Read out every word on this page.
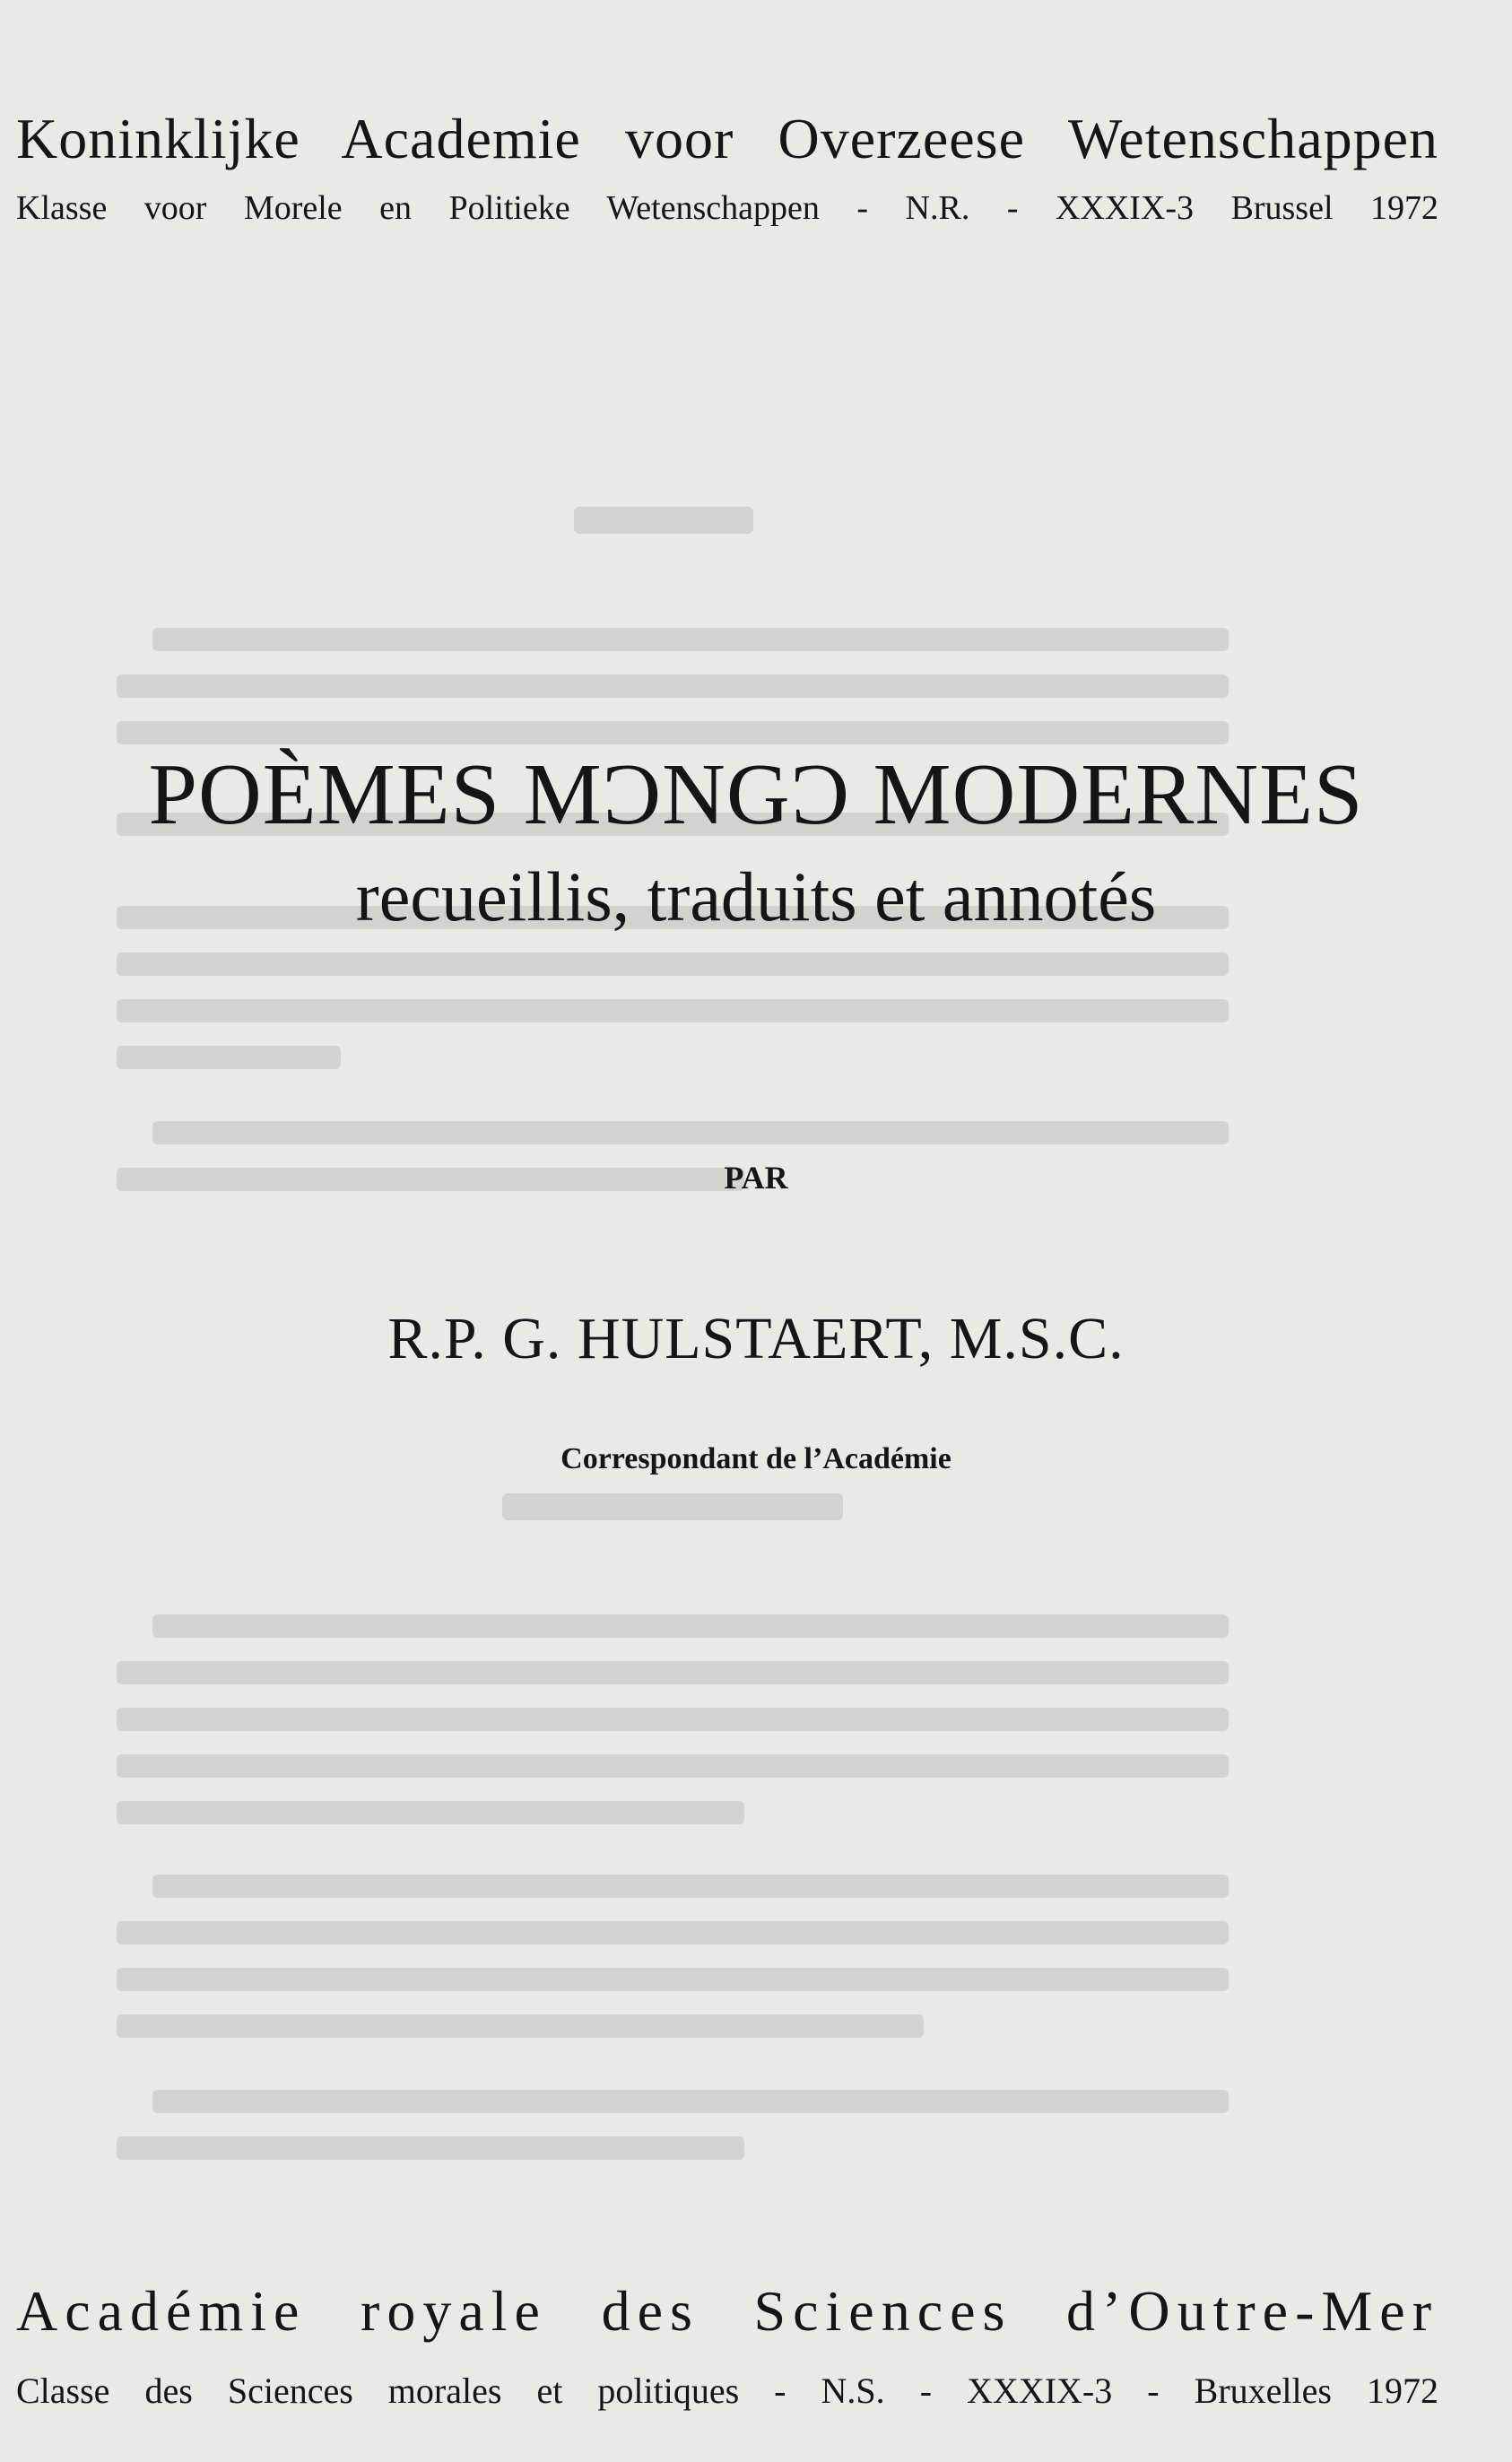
Koninklijke Academie voor Overzeese Wetenschappen
Klasse voor Morele en Politieke Wetenschappen - N.R. - XXXIX-3 Brussel 1972
POÈMES MƆNGƆ MODERNES
recueillis, traduits et annotés
PAR
R.P. G. HULSTAERT, M.S.C.
Correspondant de l’Académie
Académie royale des Sciences d’Outre-Mer
Classe des Sciences morales et politiques - N.S. - XXXIX-3 - Bruxelles 1972
